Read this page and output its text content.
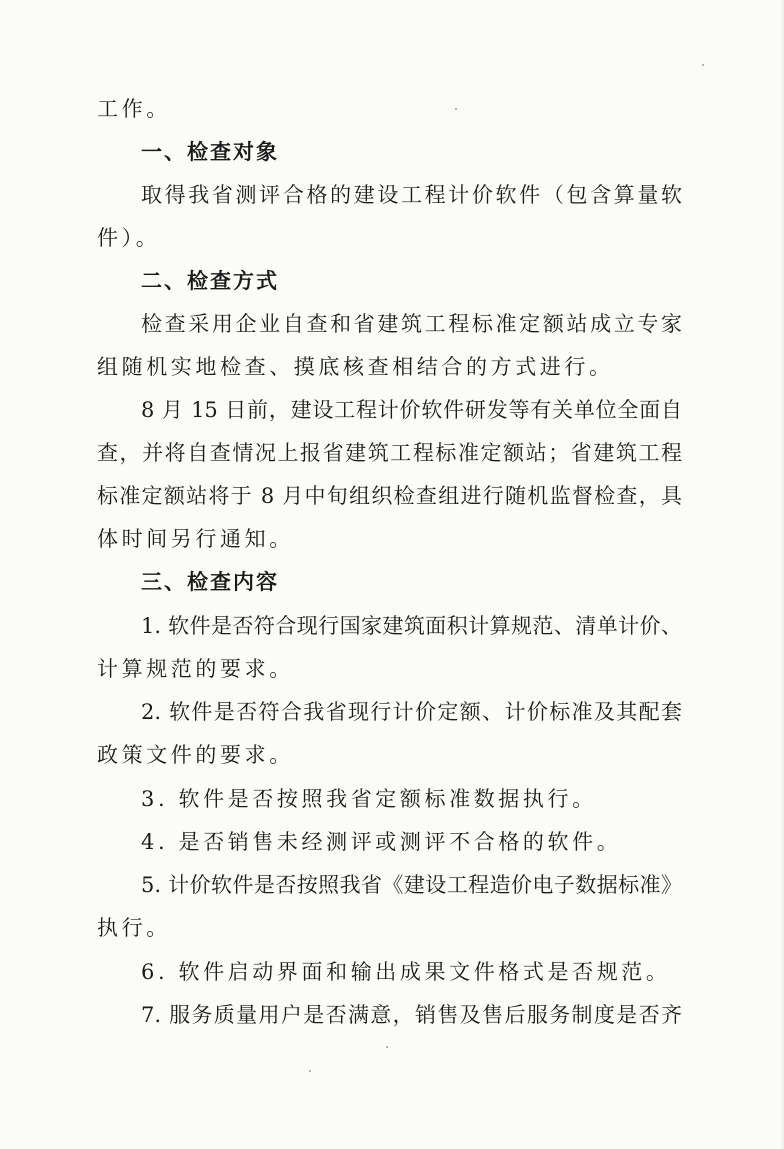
工作。
一、检查对象
取得我省测评合格的建设工程计价软件（包含算量软
件）。
二、检查方式
检查采用企业自查和省建筑工程标准定额站成立专家
组随机实地检查、摸底核查相结合的方式进行。
8 月 15 日前，建设工程计价软件研发等有关单位全面自
查，并将自查情况上报省建筑工程标准定额站；省建筑工程
标准定额站将于 8 月中旬组织检查组进行随机监督检查，具
体时间另行通知。
三、检查内容
1. 软件是否符合现行国家建筑面积计算规范、清单计价、
计算规范的要求。
2. 软件是否符合我省现行计价定额、计价标准及其配套
政策文件的要求。
3. 软件是否按照我省定额标准数据执行。
4. 是否销售未经测评或测评不合格的软件。
5. 计价软件是否按照我省《建设工程造价电子数据标准》
执行。
6. 软件启动界面和输出成果文件格式是否规范。
7. 服务质量用户是否满意，销售及售后服务制度是否齐
